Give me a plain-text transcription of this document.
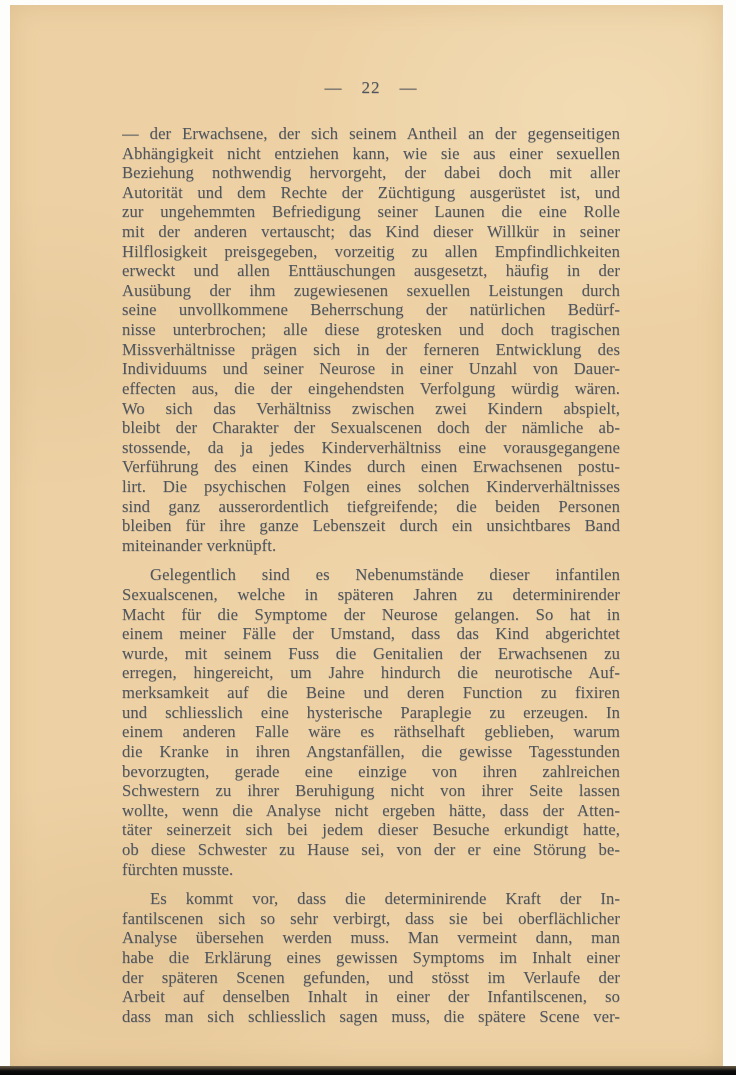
— 22 —
— der Erwachsene, der sich seinem Antheil an der gegenseitigen
Abhängigkeit nicht entziehen kann, wie sie aus einer sexuellen
Beziehung nothwendig hervorgeht, der dabei doch mit aller
Autorität und dem Rechte der Züchtigung ausgerüstet ist, und
zur ungehemmten Befriedigung seiner Launen die eine Rolle
mit der anderen vertauscht; das Kind dieser Willkür in seiner
Hilflosigkeit preisgegeben, vorzeitig zu allen Empfindlichkeiten
erweckt und allen Enttäuschungen ausgesetzt, häufig in der
Ausübung der ihm zugewiesenen sexuellen Leistungen durch
seine unvollkommene Beherrschung der natürlichen Bedürf-
nisse unterbrochen; alle diese grotesken und doch tragischen
Missverhältnisse prägen sich in der ferneren Entwicklung des
Individuums und seiner Neurose in einer Unzahl von Dauer-
effecten aus, die der eingehendsten Verfolgung würdig wären.
Wo sich das Verhältniss zwischen zwei Kindern abspielt,
bleibt der Charakter der Sexualscenen doch der nämliche ab-
stossende, da ja jedes Kinderverhältniss eine vorausgegangene
Verführung des einen Kindes durch einen Erwachsenen postu-
lirt. Die psychischen Folgen eines solchen Kinderverhältnisses
sind ganz ausserordentlich tiefgreifende; die beiden Personen
bleiben für ihre ganze Lebenszeit durch ein unsichtbares Band
miteinander verknüpft.
Gelegentlich sind es Nebenumstände dieser infantilen
Sexualscenen, welche in späteren Jahren zu determinirender
Macht für die Symptome der Neurose gelangen. So hat in
einem meiner Fälle der Umstand, dass das Kind abgerichtet
wurde, mit seinem Fuss die Genitalien der Erwachsenen zu
erregen, hingereicht, um Jahre hindurch die neurotische Auf-
merksamkeit auf die Beine und deren Function zu fixiren
und schliesslich eine hysterische Paraplegie zu erzeugen. In
einem anderen Falle wäre es räthselhaft geblieben, warum
die Kranke in ihren Angstanfällen, die gewisse Tagesstunden
bevorzugten, gerade eine einzige von ihren zahlreichen
Schwestern zu ihrer Beruhigung nicht von ihrer Seite lassen
wollte, wenn die Analyse nicht ergeben hätte, dass der Atten-
täter seinerzeit sich bei jedem dieser Besuche erkundigt hatte,
ob diese Schwester zu Hause sei, von der er eine Störung be-
fürchten musste.
Es kommt vor, dass die determinirende Kraft der In-
fantilscenen sich so sehr verbirgt, dass sie bei oberflächlicher
Analyse übersehen werden muss. Man vermeint dann, man
habe die Erklärung eines gewissen Symptoms im Inhalt einer
der späteren Scenen gefunden, und stösst im Verlaufe der
Arbeit auf denselben Inhalt in einer der Infantilscenen, so
dass man sich schliesslich sagen muss, die spätere Scene ver-
